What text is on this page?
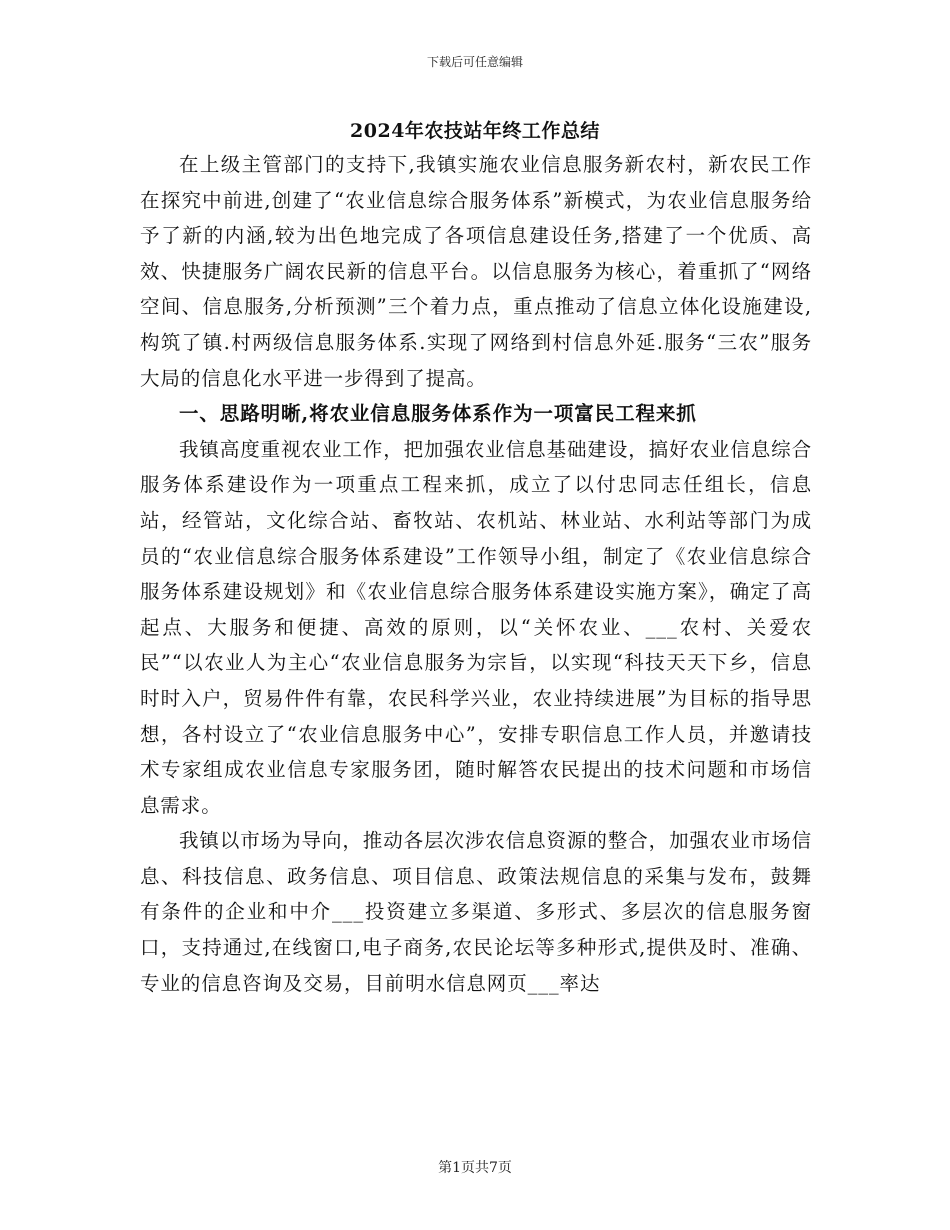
下载后可任意编辑
2024年农技站年终工作总结

在上级主管部门的支持下,我镇实施农业信息服务新农村，新农民工作在探究中前进,创建了“农业信息综合服务体系”新模式，为农业信息服务给予了新的内涵,较为出色地完成了各项信息建设任务,搭建了一个优质、高效、快捷服务广阔农民新的信息平台。以信息服务为核心，着重抓了“网络空间、信息服务,分析预测”三个着力点，重点推动了信息立体化设施建设,构筑了镇.村两级信息服务体系.实现了网络到村信息外延.服务“三农”服务大局的信息化水平进一步得到了提高。

一、思路明晰,将农业信息服务体系作为一项富民工程来抓

我镇高度重视农业工作，把加强农业信息基础建设，搞好农业信息综合服务体系建设作为一项重点工程来抓，成立了以付忠同志任组长，信息站，经管站，文化综合站、畜牧站、农机站、林业站、水利站等部门为成员的“农业信息综合服务体系建设”工作领导小组，制定了《农业信息综合服务体系建设规划》和《农业信息综合服务体系建设实施方案》，确定了高起点、大服务和便捷、高效的原则，以“关怀农业、___农村、关爱农民”“以农业人为主心“农业信息服务为宗旨，以实现“科技天天下乡，信息时时入户，贸易件件有靠，农民科学兴业，农业持续进展”为目标的指导思想，各村设立了“农业信息服务中心”，安排专职信息工作人员，并邀请技术专家组成农业信息专家服务团，随时解答农民提出的技术问题和市场信息需求。

我镇以市场为导向，推动各层次涉农信息资源的整合，加强农业市场信息、科技信息、政务信息、项目信息、政策法规信息的采集与发布，鼓舞有条件的企业和中介___投资建立多渠道、多形式、多层次的信息服务窗口，支持通过,在线窗口,电子商务,农民论坛等多种形式,提供及时、准确、专业的信息咨询及交易，目前明水信息网页___率达

第1页共7页
